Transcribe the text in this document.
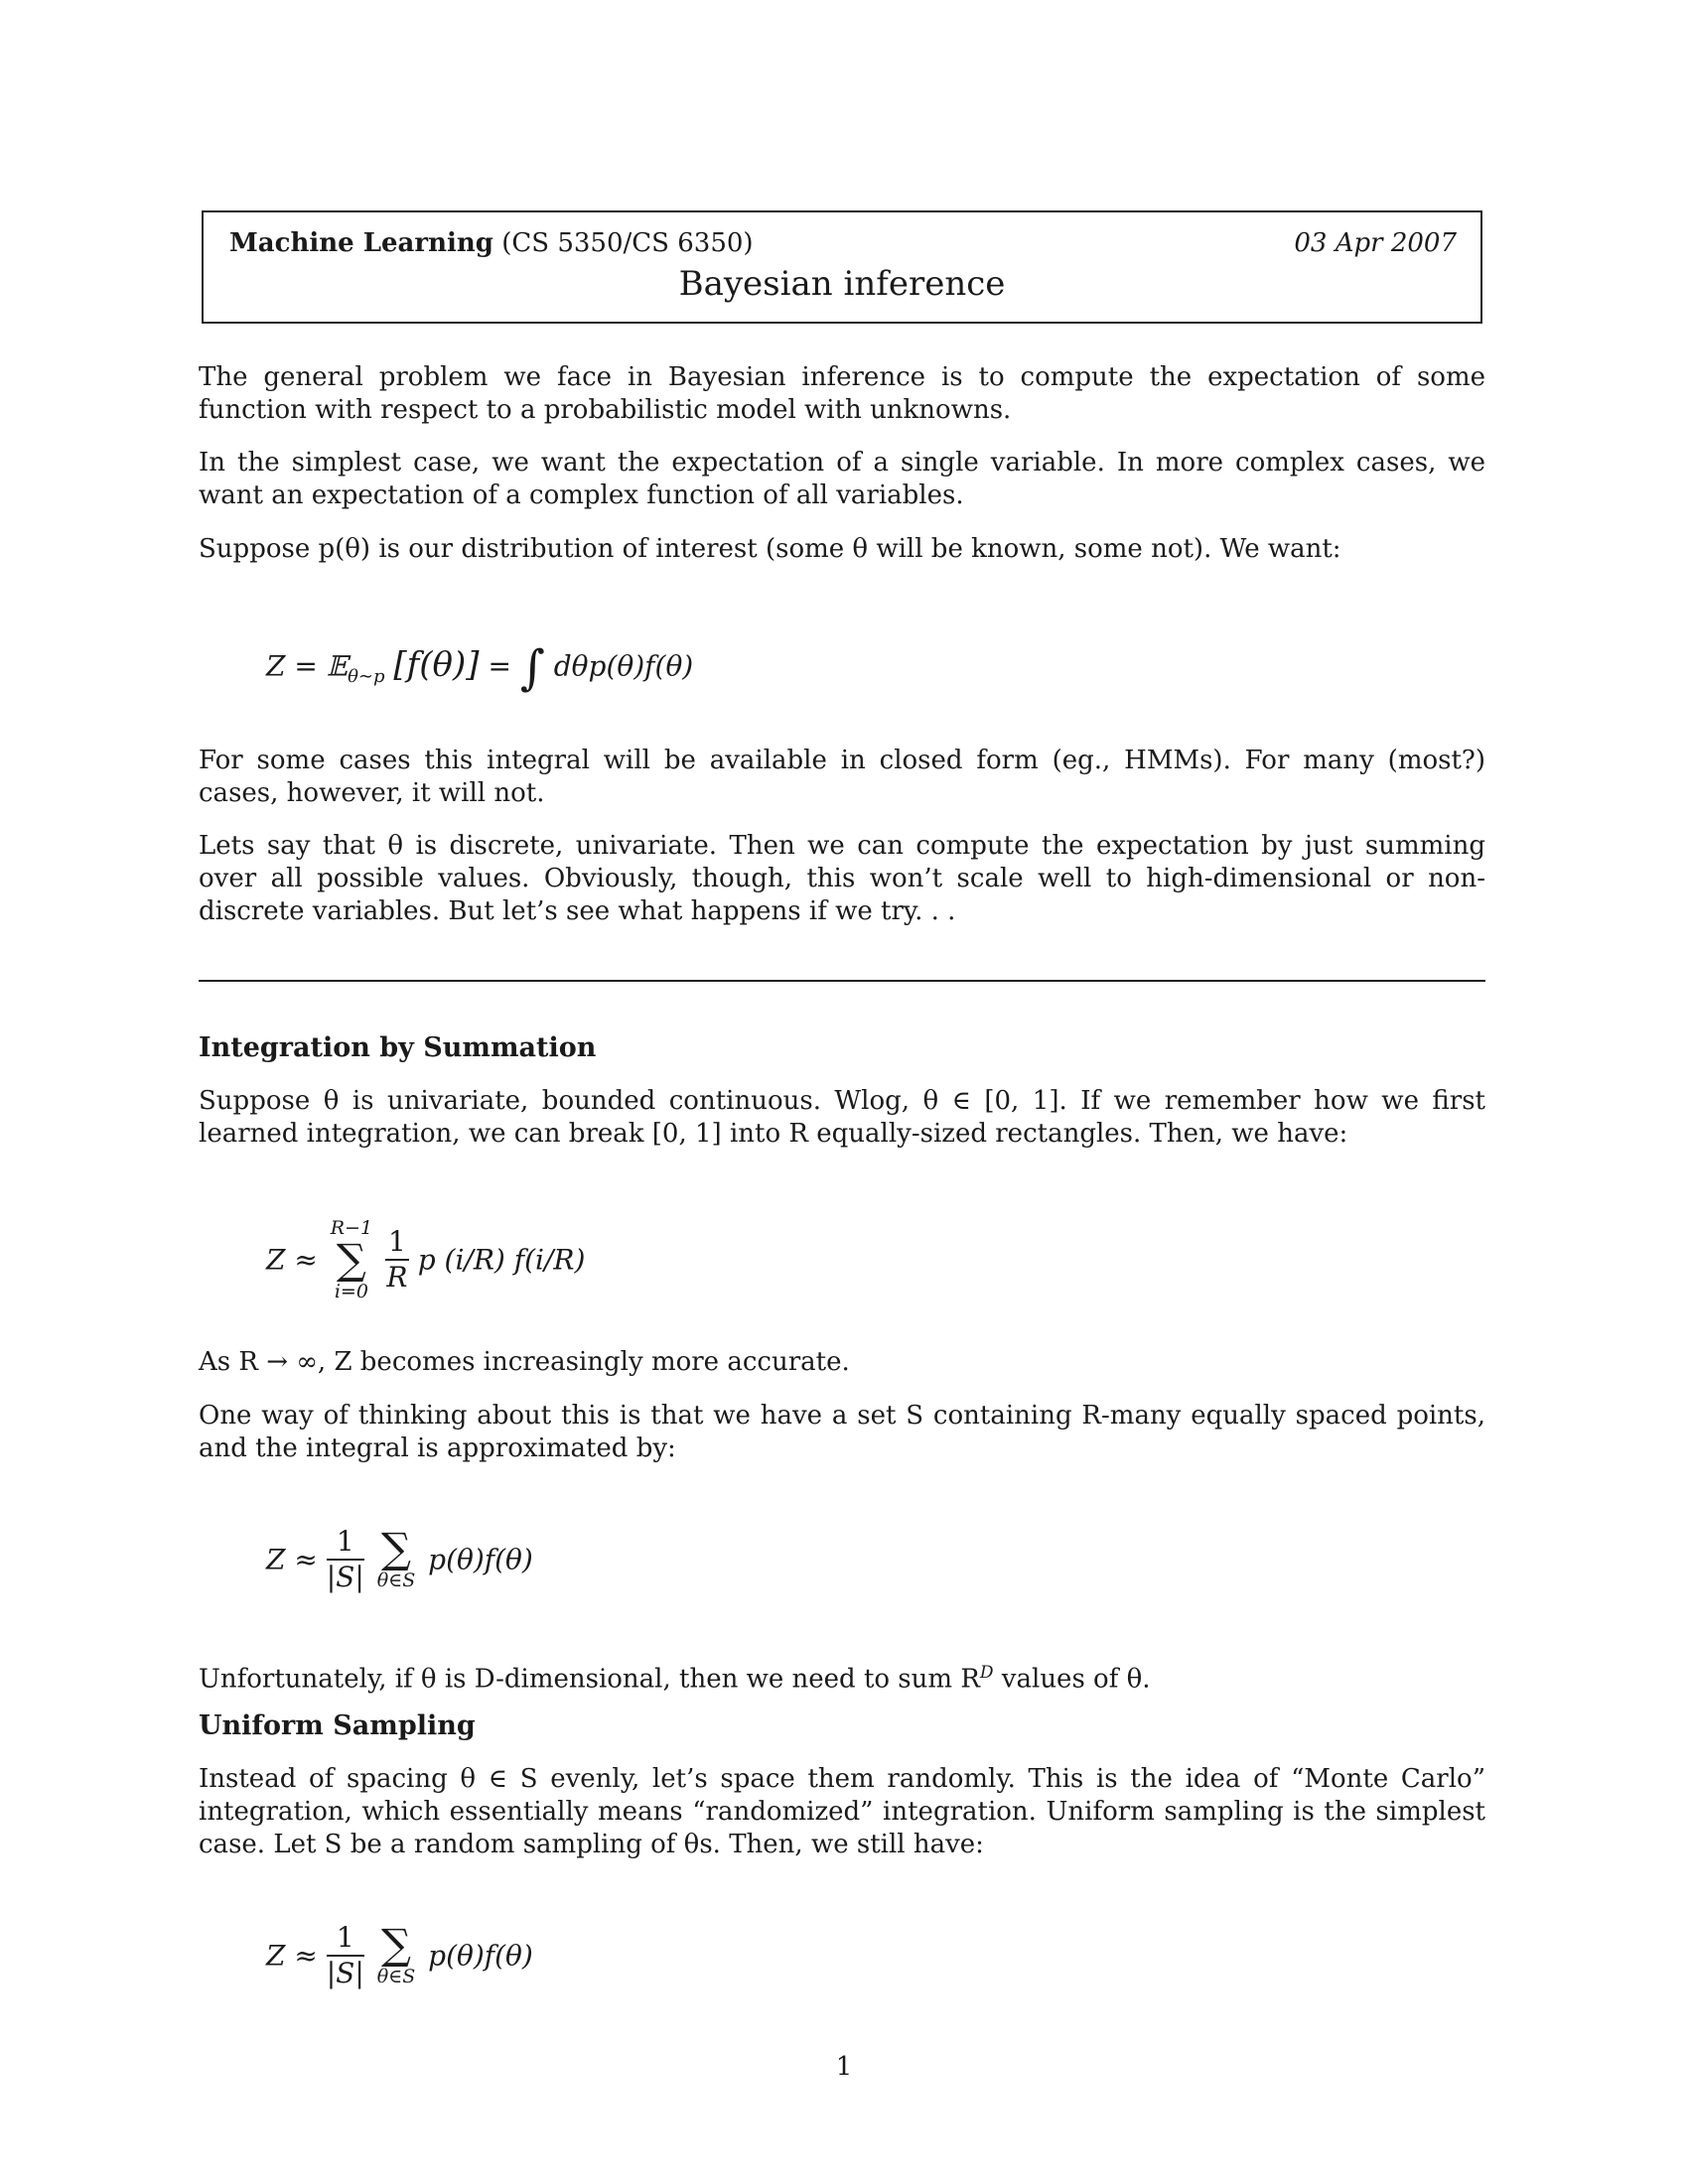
Machine Learning (CS 5350/CS 6350)	03 Apr 2007
Bayesian inference

The general problem we face in Bayesian inference is to compute the expectation of some function with respect to a probabilistic model with unknowns.

In the simplest case, we want the expectation of a single variable. In more complex cases, we want an expectation of a complex function of all variables.

Suppose p(θ) is our distribution of interest (some θ will be known, some not). We want:

Z = 𝔼$_{\theta\sim p}$ [f(θ)] = ∫ dθp(θ)f(θ)

For some cases this integral will be available in closed form (eg., HMMs). For many (most?) cases, however, it will not.

Lets say that θ is discrete, univariate. Then we can compute the expectation by just summing over all possible values. Obviously, though, this won’t scale well to high-dimensional or non-discrete variables. But let’s see what happens if we try. . .

Integration by Summation

Suppose θ is univariate, bounded continuous. Wlog, θ ∈ [0, 1]. If we remember how we first learned integration, we can break [0, 1] into R equally-sized rectangles. Then, we have:

Z ≈
R−1
∑
i=0
$\frac{1}{R}$ p (i/R) f(i/R)

As R → ∞, Z becomes increasingly more accurate.

One way of thinking about this is that we have a set S containing R-many equally spaced points, and the integral is approximated by:

$Z \approx \frac{1}{|S|}$
∑
θ∈S
p(θ)f(θ)

Unfortunately, if θ is D-dimensional, then we need to sum $R^D$ values of θ.

Uniform Sampling

Instead of spacing θ ∈ S evenly, let’s space them randomly. This is the idea of “Monte Carlo” integration, which essentially means “randomized” integration. Uniform sampling is the simplest case. Let S be a random sampling of θs. Then, we still have:

$Z \approx \frac{1}{|S|}$
∑
θ∈S
p(θ)f(θ)
1
